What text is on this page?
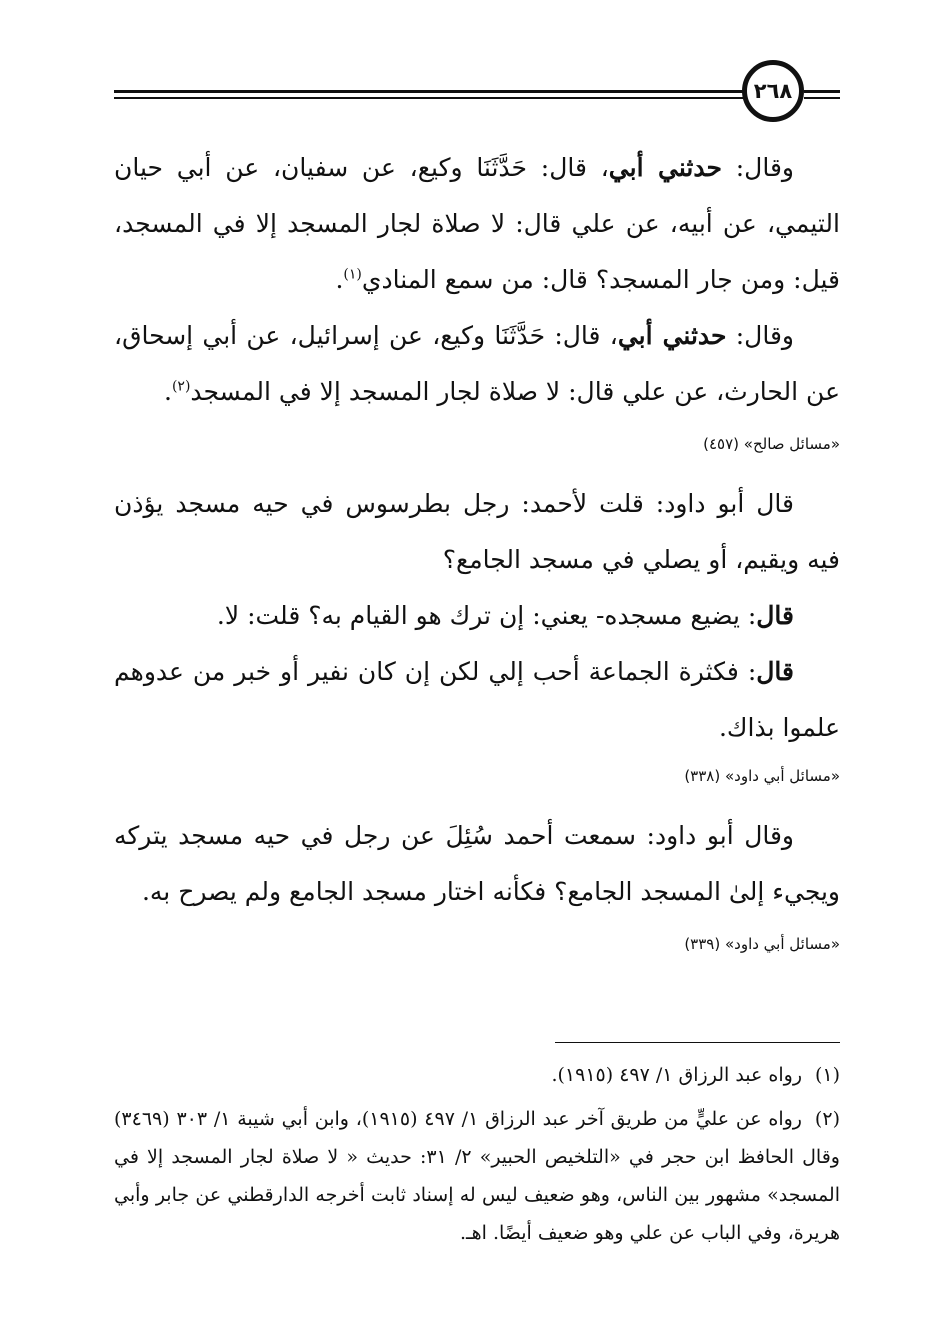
٢٦٨

وقال: حدثني أبي، قال: حَدَّثَنَا وكيع، عن سفيان، عن أبي حيان التيمي، عن أبيه، عن علي قال: لا صلاة لجار المسجد إلا في المسجد، قيل: ومن جار المسجد؟ قال: من سمع المنادي$^{(١)}$.

وقال: حدثني أبي، قال: حَدَّثَنَا وكيع، عن إسرائيل، عن أبي إسحاق، عن الحارث، عن علي قال: لا صلاة لجار المسجد إلا في المسجد$^{(٢)}$.

«مسائل صالح» (٤٥٧)

قال أبو داود: قلت لأحمد: رجل بطرسوس في حيه مسجد يؤذن فيه ويقيم، أو يصلي في مسجد الجامع؟

قال: يضيع مسجده- يعني: إن ترك هو القيام به؟ قلت: لا.

قال: فكثرة الجماعة أحب إلي لكن إن كان نفير أو خبر من عدوهم علموا بذاك.

«مسائل أبي داود» (٣٣٨)

وقال أبو داود: سمعت أحمد سُئِلَ عن رجل في حيه مسجد يتركه ويجيء إلىٰ المسجد الجامع؟ فكأنه اختار مسجد الجامع ولم يصرح به.

«مسائل أبي داود» (٣٣٩)

(١)رواه عبد الرزاق ١/ ٤٩٧ (١٩١٥).

(٢)رواه عن عليٍّ من طريق آخر عبد الرزاق ١/ ٤٩٧ (١٩١٥)، وابن أبي شيبة ١/ ٣٠٣ (٣٤٦٩) وقال الحافظ ابن حجر في «التلخيص الحبير» ٢/ ٣١: حديث « لا صلاة لجار المسجد إلا في المسجد» مشهور بين الناس، وهو ضعيف ليس له إسناد ثابت أخرجه الدارقطني عن جابر وأبي هريرة، وفي الباب عن علي وهو ضعيف أيضًا. اهـ.
